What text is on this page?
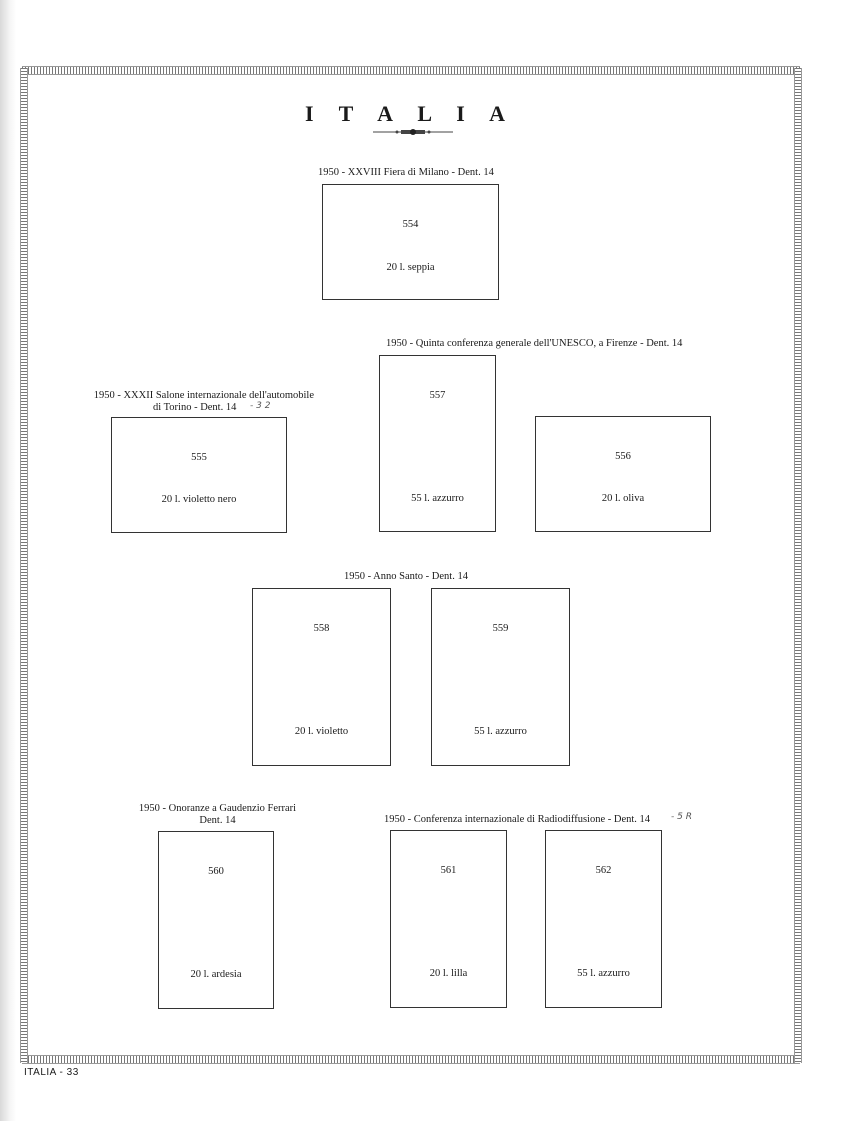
I T A L I A
1950 - XXVIII Fiera di Milano - Dent. 14
554
20 l. seppia
1950 - Quinta conferenza generale dell'UNESCO, a Firenze - Dent. 14
557
55 l. azzurro
556
20 l. oliva
1950 - XXXII Salone internazionale dell'automobile
di Torino - Dent. 14 - 3 2
555
20 l. violetto nero
1950 - Anno Santo - Dent. 14
558
20 l. violetto
559
55 l. azzurro
1950 - Onoranze a Gaudenzio Ferrari
Dent. 14
560
20 l. ardesia
1950 - Conferenza internazionale di Radiodiffusione - Dent. 14 - 5 R
561
20 l. lilla
562
55 l. azzurro
ITALIA - 33
